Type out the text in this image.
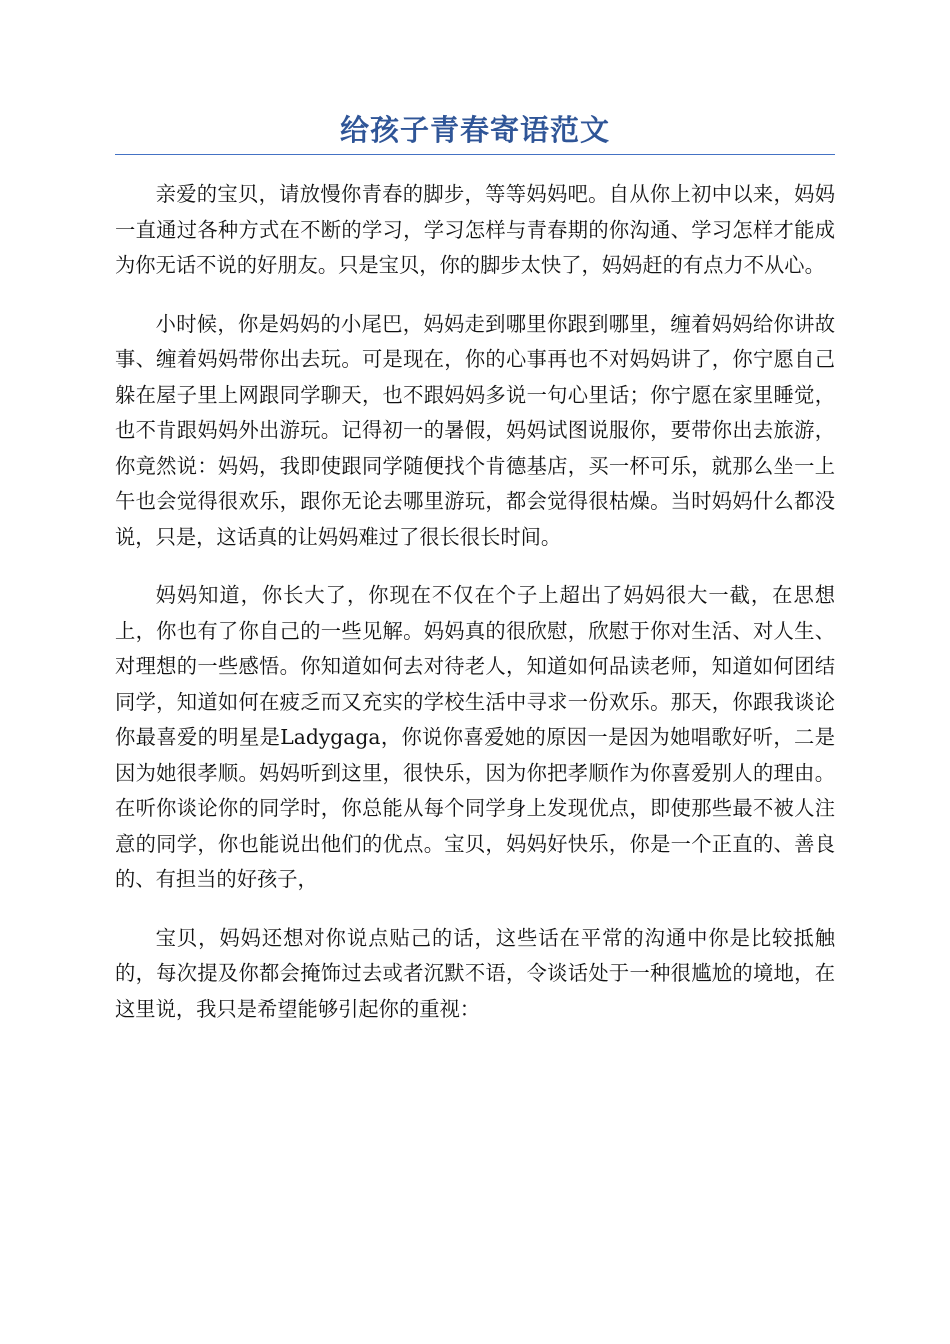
给孩子青春寄语范文

亲爱的宝贝，请放慢你青春的脚步，等等妈妈吧。自从你上初中以来，妈妈一直通过各种方式在不断的学习，学习怎样与青春期的你沟通、学习怎样才能成为你无话不说的好朋友。只是宝贝，你的脚步太快了，妈妈赶的有点力不从心。

小时候，你是妈妈的小尾巴，妈妈走到哪里你跟到哪里，缠着妈妈给你讲故事、缠着妈妈带你出去玩。可是现在，你的心事再也不对妈妈讲了，你宁愿自己躲在屋子里上网跟同学聊天，也不跟妈妈多说一句心里话；你宁愿在家里睡觉，也不肯跟妈妈外出游玩。记得初一的暑假，妈妈试图说服你，要带你出去旅游，你竟然说：妈妈，我即使跟同学随便找个肯德基店，买一杯可乐，就那么坐一上午也会觉得很欢乐，跟你无论去哪里游玩，都会觉得很枯燥。当时妈妈什么都没说，只是，这话真的让妈妈难过了很长很长时间。

妈妈知道，你长大了，你现在不仅在个子上超出了妈妈很大一截，在思想上，你也有了你自己的一些见解。妈妈真的很欣慰，欣慰于你对生活、对人生、对理想的一些感悟。你知道如何去对待老人，知道如何品读老师，知道如何团结同学，知道如何在疲乏而又充实的学校生活中寻求一份欢乐。那天，你跟我谈论你最喜爱的明星是Ladygaga，你说你喜爱她的原因一是因为她唱歌好听，二是因为她很孝顺。妈妈听到这里，很快乐，因为你把孝顺作为你喜爱别人的理由。在听你谈论你的同学时，你总能从每个同学身上发现优点，即使那些最不被人注意的同学，你也能说出他们的优点。宝贝，妈妈好快乐，你是一个正直的、善良的、有担当的好孩子，

宝贝，妈妈还想对你说点贴己的话，这些话在平常的沟通中你是比较抵触的，每次提及你都会掩饰过去或者沉默不语，令谈话处于一种很尴尬的境地，在这里说，我只是希望能够引起你的重视：
